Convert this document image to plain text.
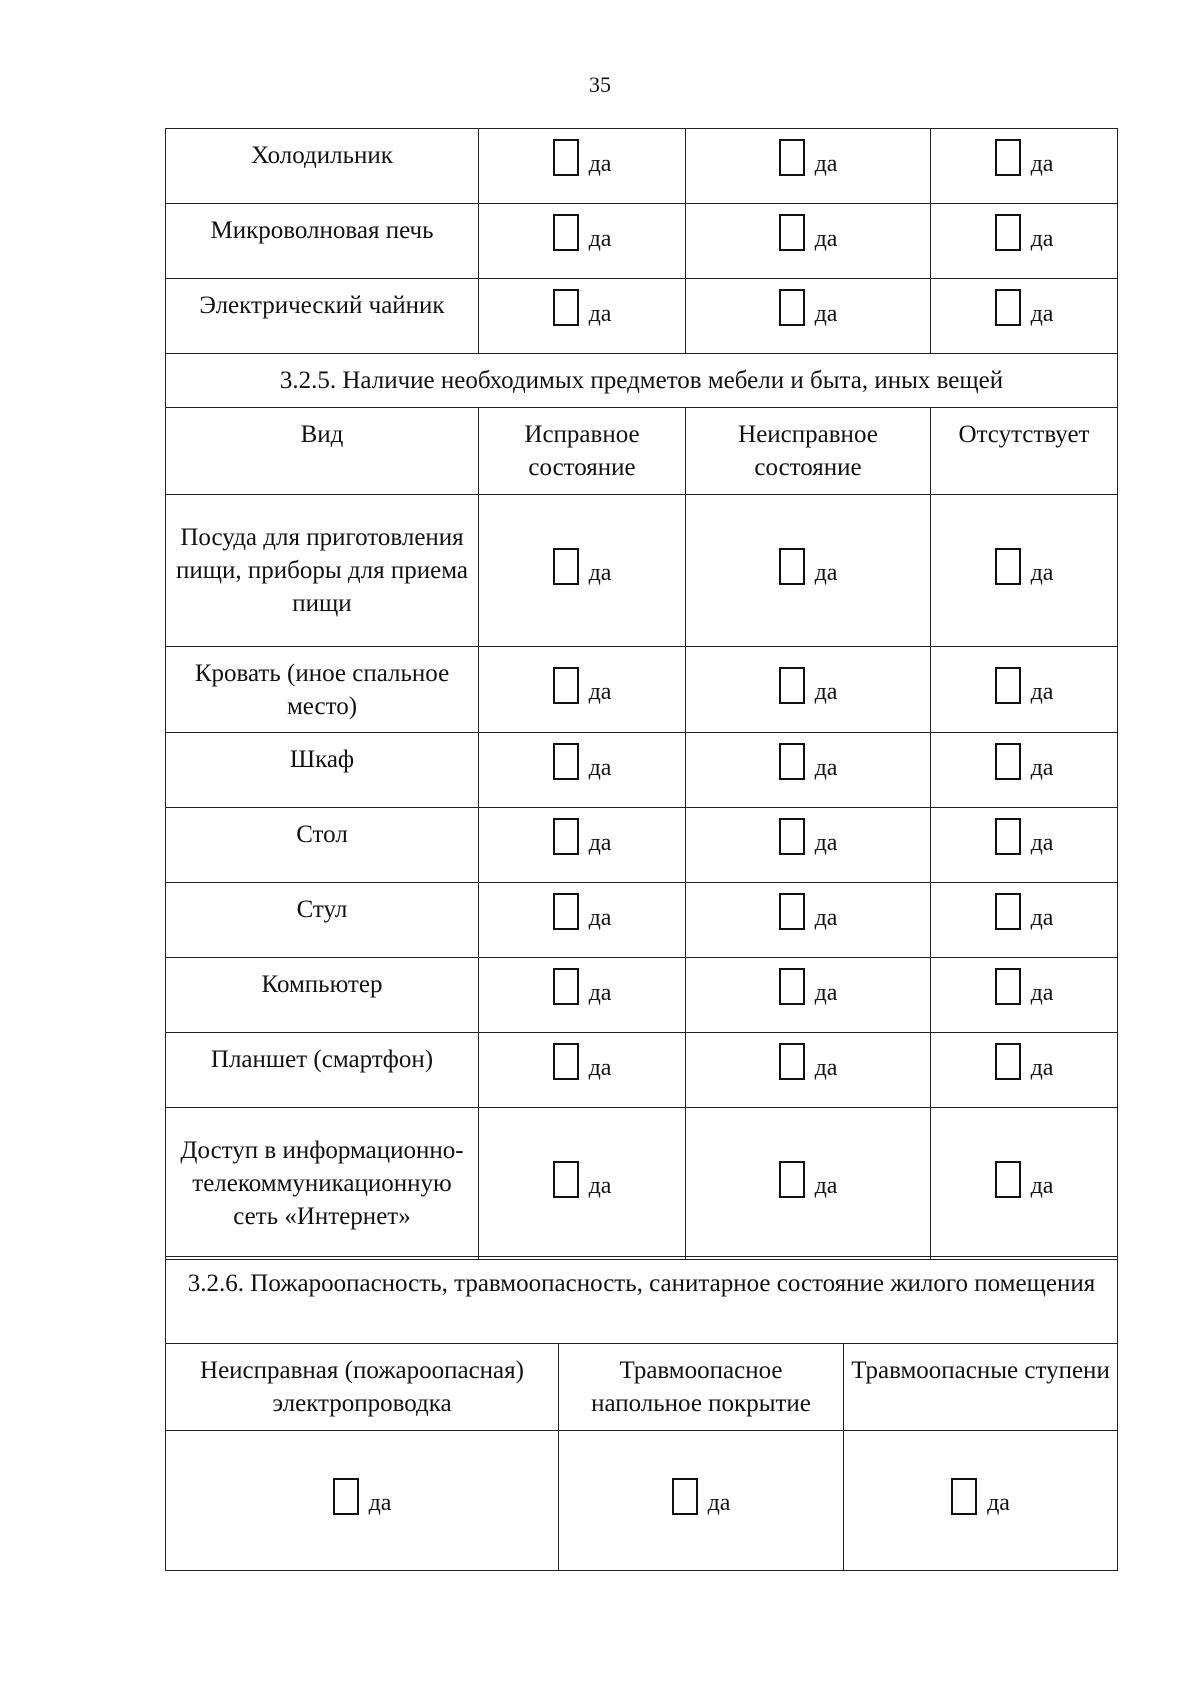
35
Холодильник	да	да	да

Микроволновая печь	да	да	да

Электрический чайник	да	да	да

3.2.5. Наличие необходимых предметов мебели и быта, иных вещей			
Вид	Исправное состояние	Неисправное состояние	Отсутствует
Посуда для приготовления пищи, приборы для приема пищи	да	да	да

Кровать (иное спальное место)	да	да	да

Шкаф	да	да	да

Стол	да	да	да

Стул	да	да	да

Компьютер	да	да	да

Планшет (смартфон)	да	да	да

Доступ в информационно-телекоммуникационную сеть «Интернет»	да	да	да
3.2.6. Пожароопасность, травмоопасность, санитарное состояние жилого помещения		
Неисправная (пожароопасная) электропроводка	Травмоопасное напольное покрытие	Травмоопасные ступени

да	да	да
